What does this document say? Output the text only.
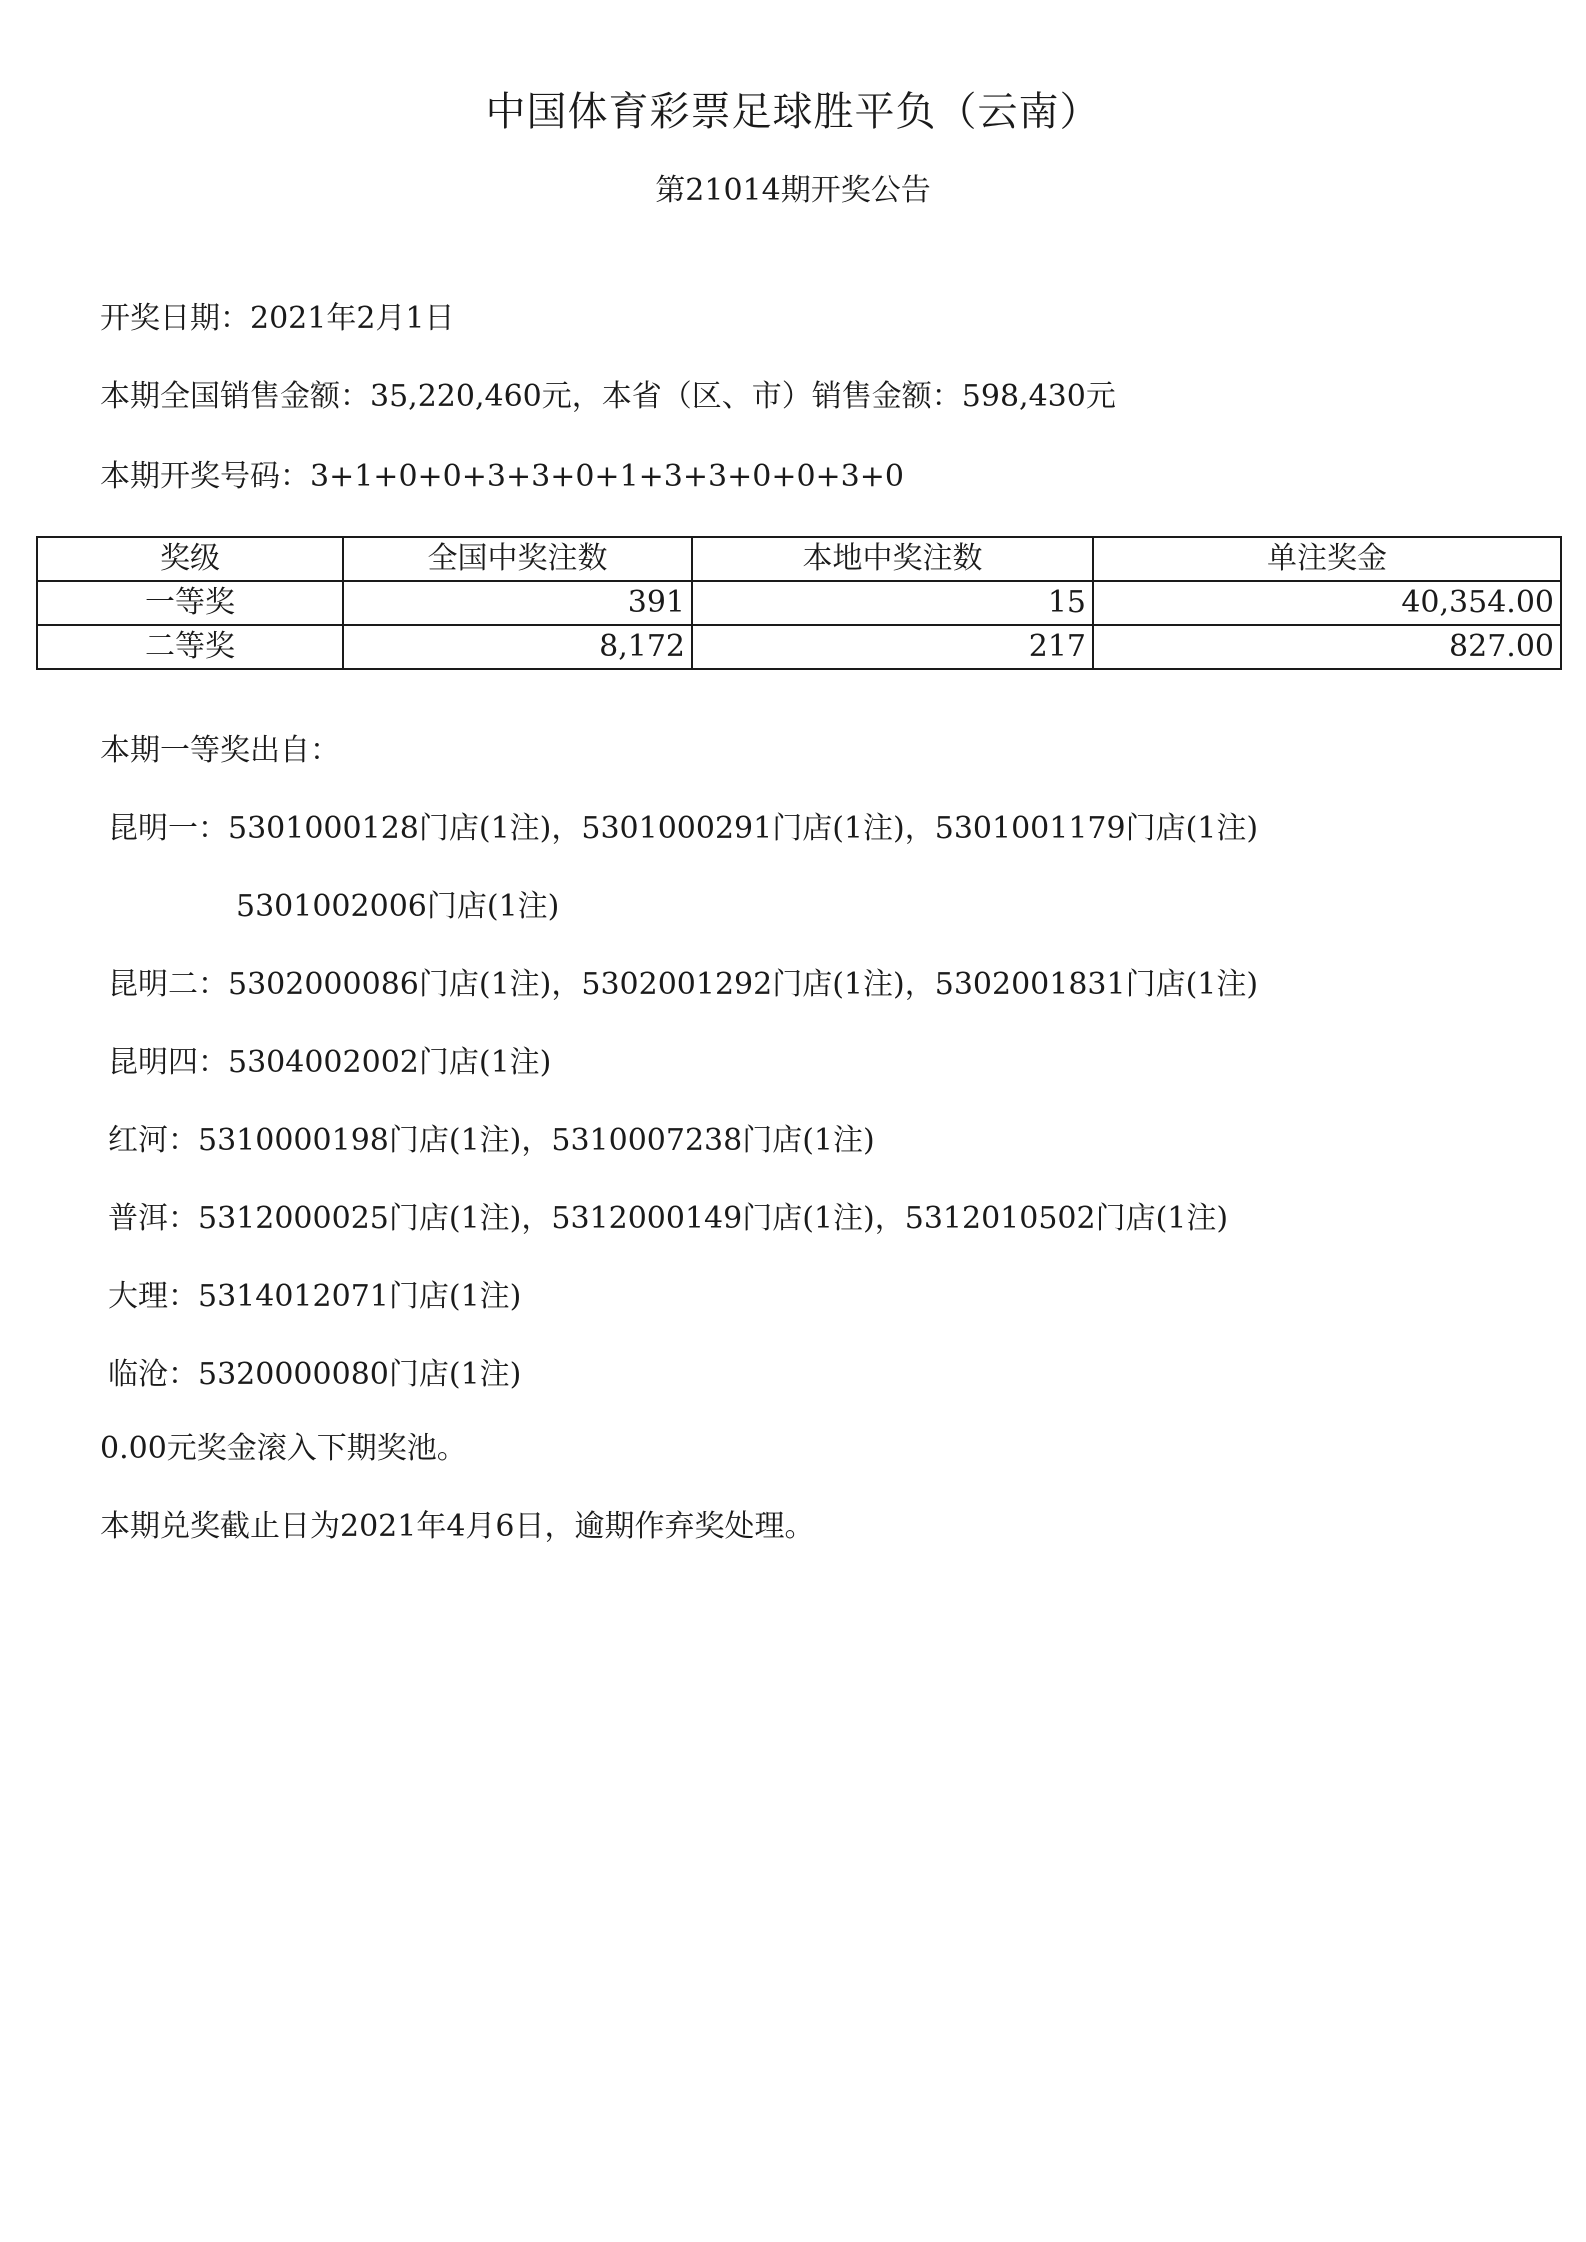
中国体育彩票足球胜平负（云南）
第21014期开奖公告
开奖日期：2021年2月1日
本期全国销售金额：35,220,460元，本省（区、市）销售金额：598,430元
本期开奖号码：3+1+0+0+3+3+0+1+3+3+0+0+3+0
奖级	全国中奖注数	本地中奖注数	单注奖金
一等奖	391	15	40,354.00
二等奖	8,172	217	827.00
本期一等奖出自：
昆明一：5301000128门店(1注)，5301000291门店(1注)，5301001179门店(1注)
5301002006门店(1注)
昆明二：5302000086门店(1注)，5302001292门店(1注)，5302001831门店(1注)
昆明四：5304002002门店(1注)
红河：5310000198门店(1注)，5310007238门店(1注)
普洱：5312000025门店(1注)，5312000149门店(1注)，5312010502门店(1注)
大理：5314012071门店(1注)
临沧：5320000080门店(1注)
0.00元奖金滚入下期奖池。
本期兑奖截止日为2021年4月6日，逾期作弃奖处理。
